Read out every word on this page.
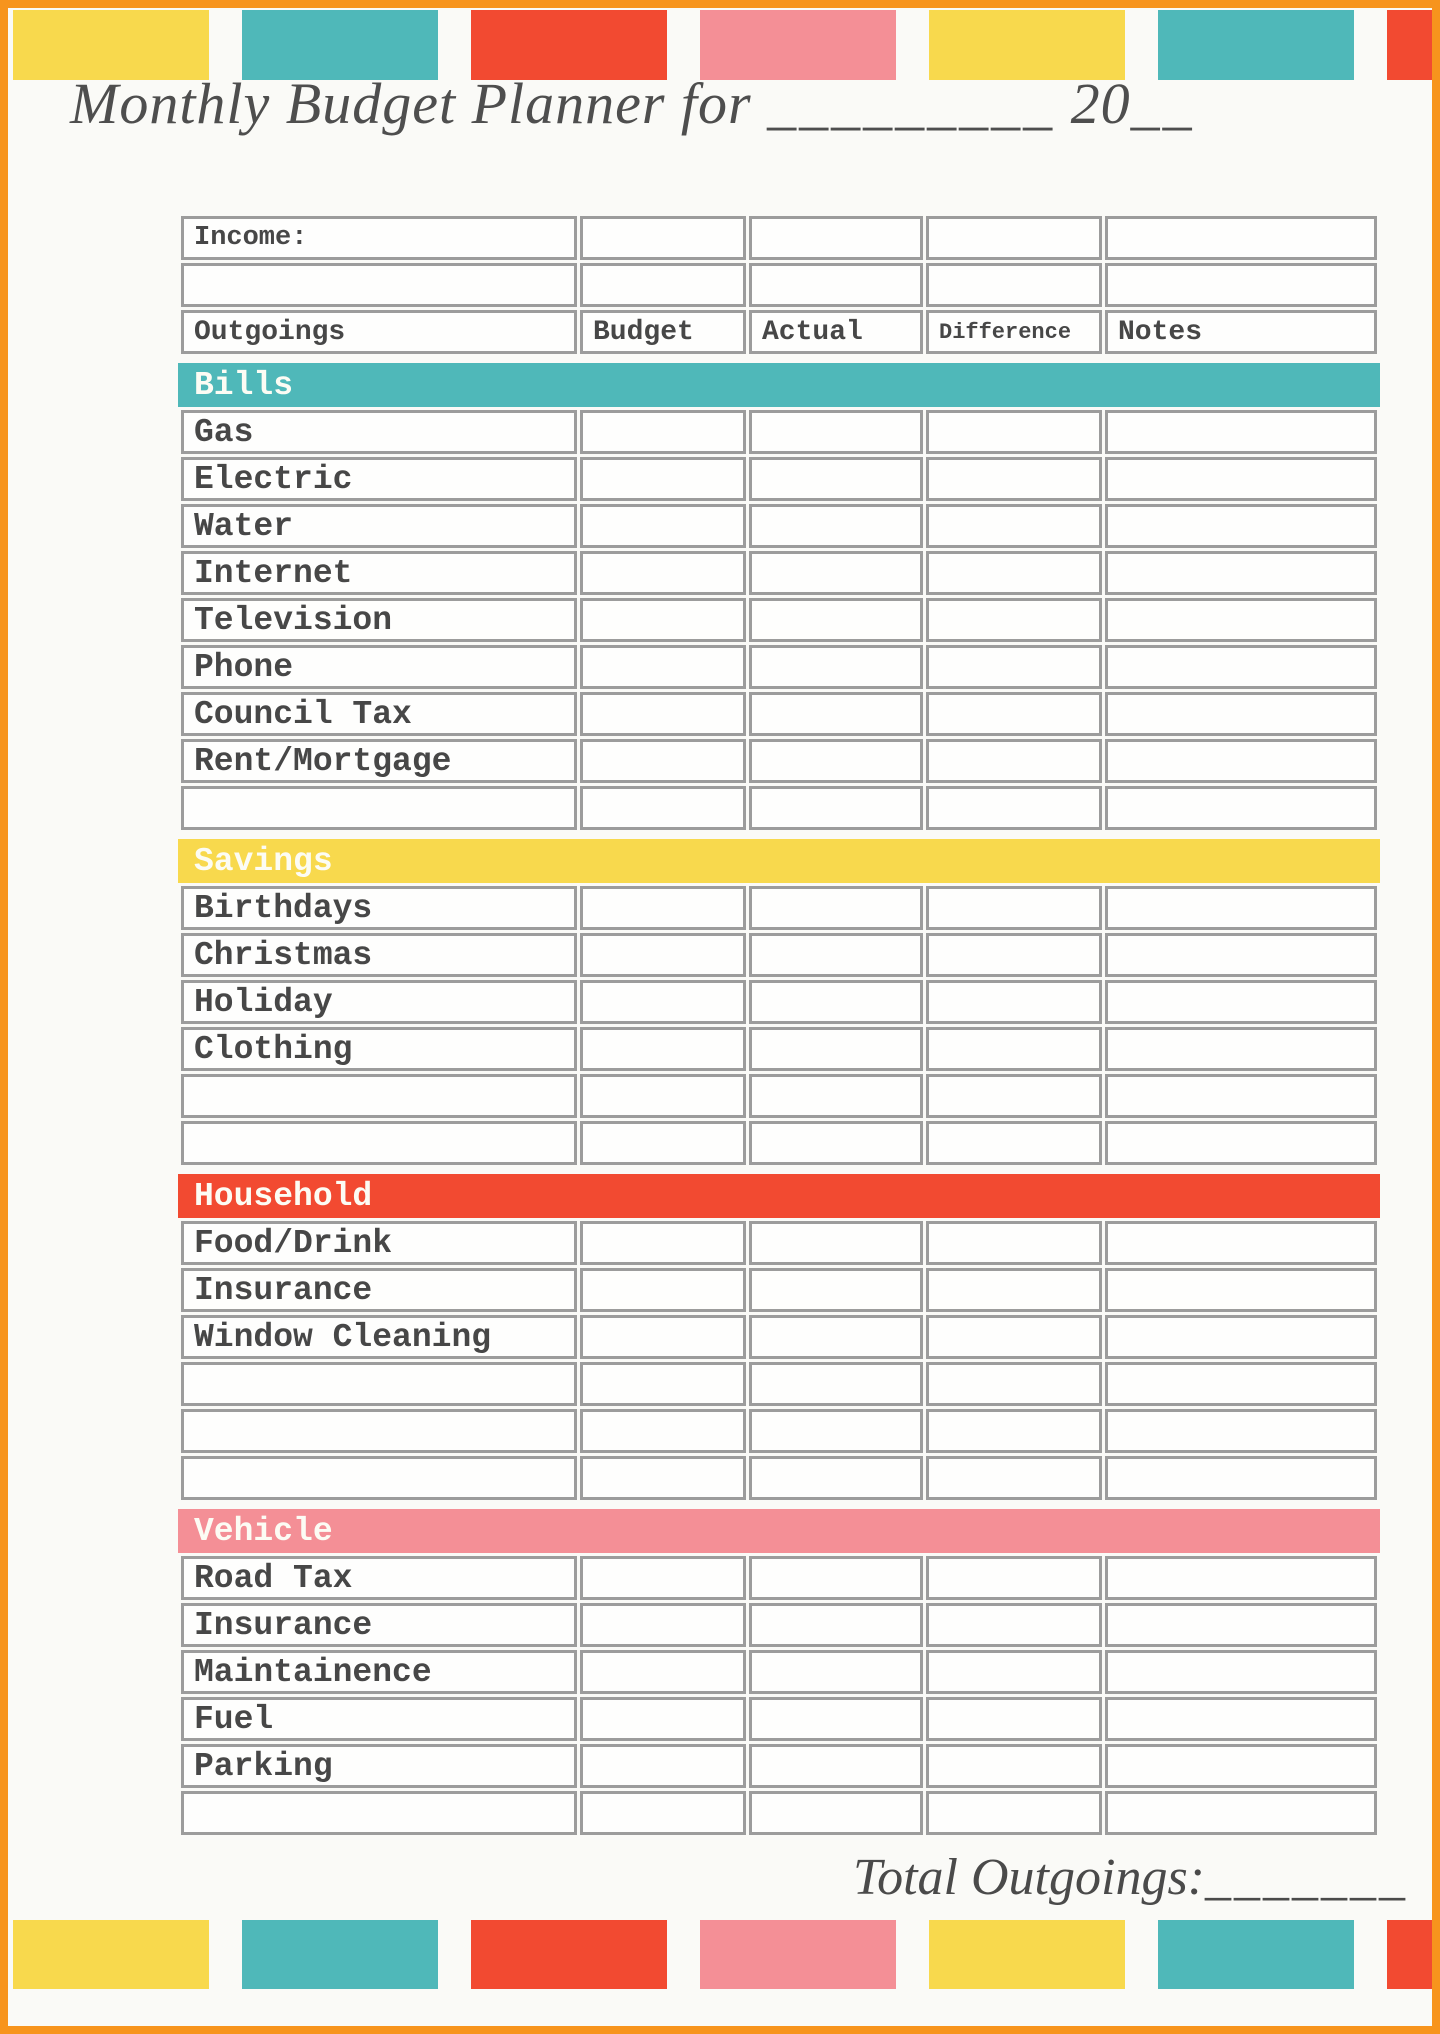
Monthly Budget Planner for _________ 20__
Income:				

Outgoings	Budget	Actual	Difference	Notes
Bills
Gas				
Electric				
Water				
Internet				
Television				
Phone				
Council Tax				
Rent/Mortgage				

Savings
Birthdays				
Christmas				
Holiday				
Clothing				

Household
Food/Drink				
Insurance				
Window Cleaning				

Vehicle
Road Tax				
Insurance				
Maintainence				
Fuel				
Parking				

Total Outgoings:_______
